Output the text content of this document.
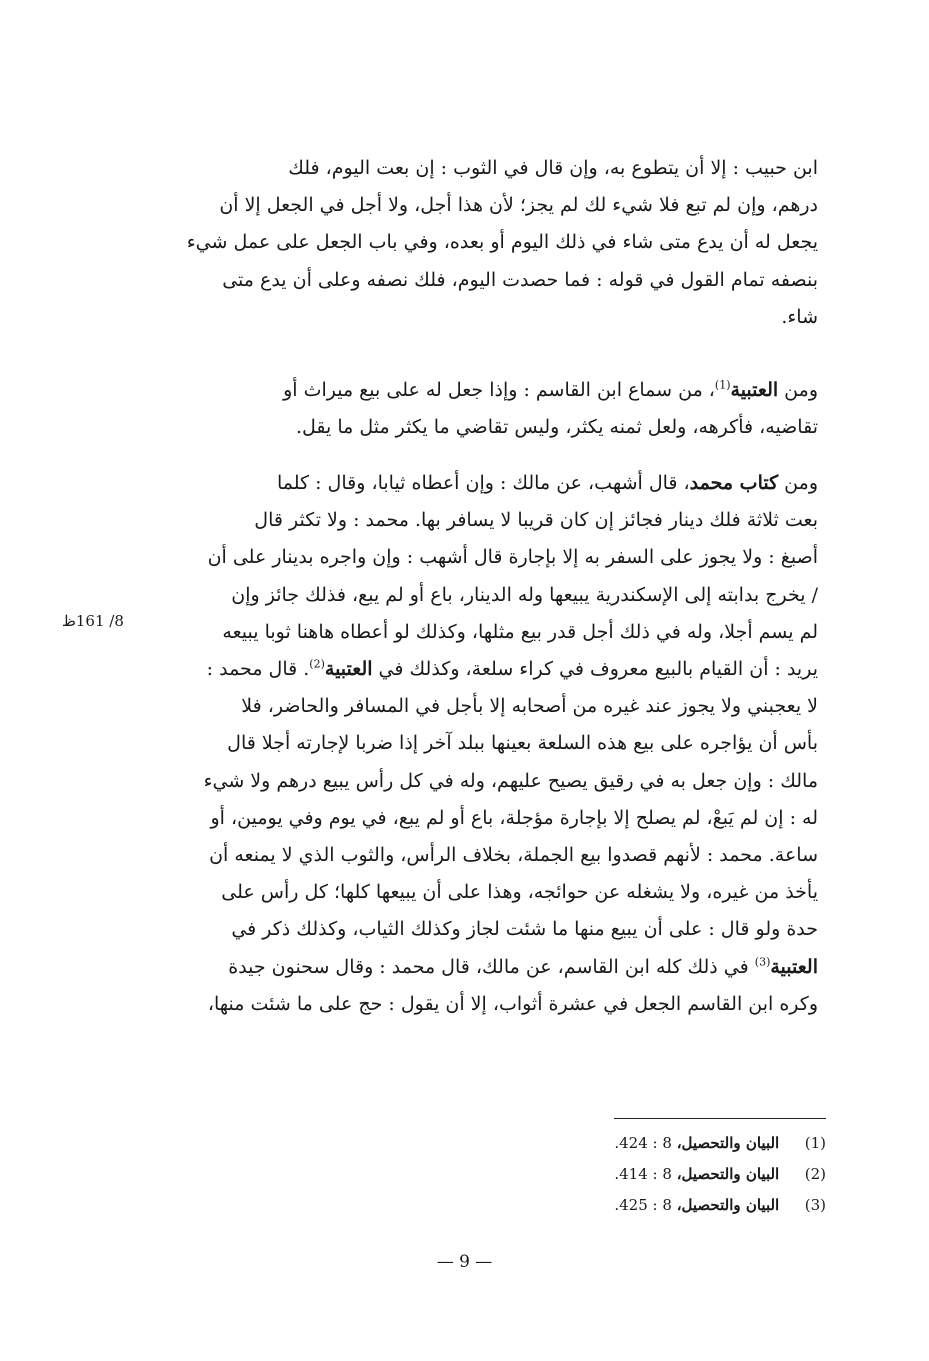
ابن حبيب : إلا أن يتطوع به، وإن قال في الثوب : إن بعت اليوم، فلك
درهم، وإن لم تبع فلا شيء لك لم يجز؛ لأن هذا أجل، ولا أجل في الجعل إلا أن
يجعل له أن يدع متى شاء في ذلك اليوم أو بعده، وفي باب الجعل على عمل شيء
بنصفه تمام القول في قوله : فما حصدت اليوم، فلك نصفه وعلى أن يدع متى
شاء.
ومن العتبية$^{(1)}$، من سماع ابن القاسم : وإذا جعل له على بيع ميراث أو
تقاضيه، فأكرهه، ولعل ثمنه يكثر، وليس تقاضي ما يكثر مثل ما يقل.
ومن كتاب محمد، قال أشهب، عن مالك : وإن أعطاه ثيابا، وقال : كلما
بعت ثلاثة فلك دينار فجائز إن كان قريبا لا يسافر بها. محمد : ولا تكثر قال
أصبغ : ولا يجوز على السفر به إلا بإجارة قال أشهب : وإن واجره بدينار على أن
/ يخرج بدابته إلى الإسكندرية يبيعها وله الدينار، باع أو لم يبع، فذلك جائز وإن
لم يسم أجلا، وله في ذلك أجل قدر بيع مثلها، وكذلك لو أعطاه هاهنا ثوبا يبيعه
يريد : أن القيام بالبيع معروف في كراء سلعة، وكذلك في العتبية$^{(2)}$. قال محمد :
لا يعجبني ولا يجوز عند غيره من أصحابه إلا بأجل في المسافر والحاضر، فلا
بأس أن يؤاجره على بيع هذه السلعة بعينها ببلد آخر إذا ضربا لإجارته أجلا قال
مالك : وإن جعل به في رقيق يصيح عليهم، وله في كل رأس يبيع درهم ولا شيء
له : إن لم يَبعْ، لم يصلح إلا بإجارة مؤجلة، باع أو لم يبع، في يوم وفي يومين، أو
ساعة. محمد : لأنهم قصدوا بيع الجملة، بخلاف الرأس، والثوب الذي لا يمنعه أن
يأخذ من غيره، ولا يشغله عن حوائجه، وهذا على أن يبيعها كلها؛ كل رأس على
حدة ولو قال : على أن يبيع منها ما شئت لجاز وكذلك الثياب، وكذلك ذكر في
العتبية$^{(3)}$ في ذلك كله ابن القاسم، عن مالك، قال محمد : وقال سحنون جيدة
وكره ابن القاسم الجعل في عشرة أثواب، إلا أن يقول : حج على ما شئت منها،
8/ 161ظ
(1) البيان والتحصيل، 8 : 424.
(2) البيان والتحصيل، 8 : 414.
(3) البيان والتحصيل، 8 : 425.
— 9 —
